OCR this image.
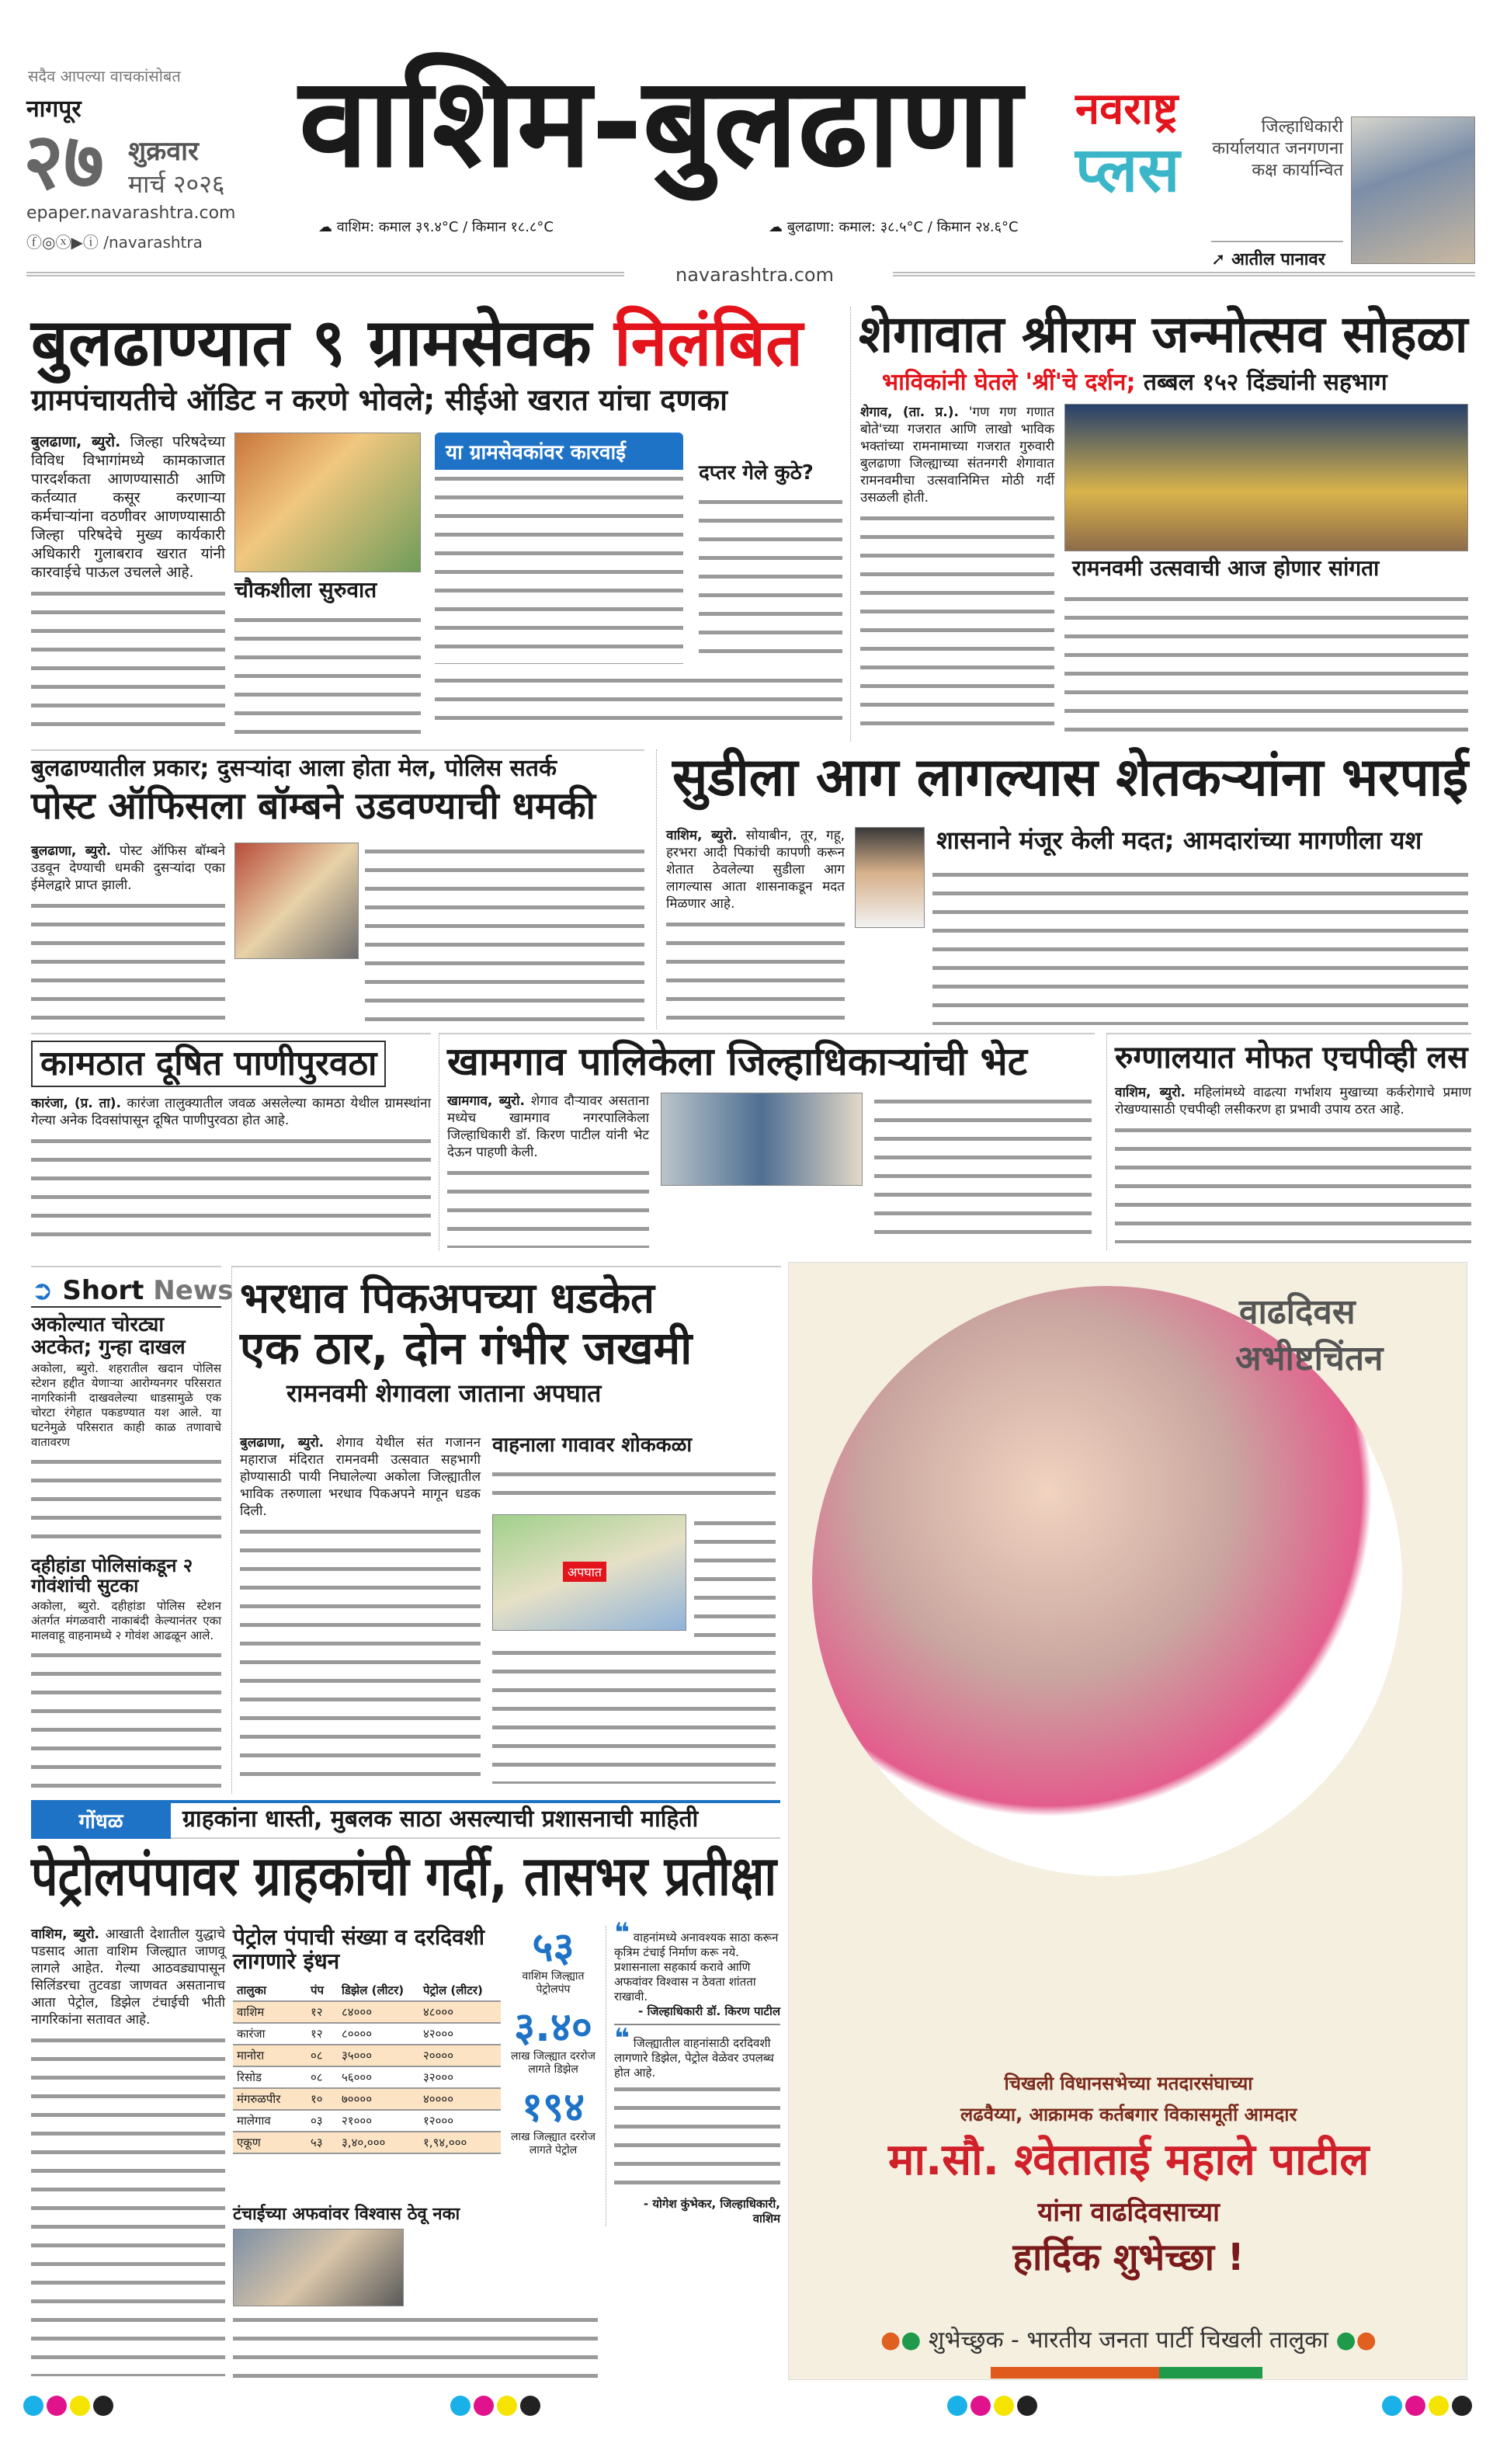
सदैव आपल्या वाचकांसोबत
नागपूर
२७ शुक्रवार
मार्च २०२६
epaper.navarashtra.com
ⓕ◎ⓧ▶ⓘ /navarashtra
वाशिम-बुलढाणा नवराष्ट्र
प्लस
☁ वाशिम: कमाल ३९.४°C / किमान १८.८°C	☁ बुलढाणा: कमाल: ३८.५°C / किमान २४.६°C
जिल्हाधिकारी कार्यालयात जनगणना कक्ष कार्यान्वित
➚ आतील पानावर
navarashtra.com
बुलढाण्यात ९ ग्रामसेवक निलंबित
ग्रामपंचायतीचे ऑडिट न करणे भोवले; सीईओ खरात यांचा दणका
बुलढाणा, ब्युरो. जिल्हा परिषदेच्या विविध विभागांमध्ये कामकाजात पारदर्शकता आणण्यासाठी आणि कर्तव्यात कसूर करणाऱ्या कर्मचाऱ्यांना वठणीवर आणण्यासाठी जिल्हा परिषदेचे मुख्य कार्यकारी अधिकारी गुलाबराव खरात यांनी कारवाईचे पाऊल उचलले आहे.
चौकशीला सुरुवात
या ग्रामसेवकांवर कारवाई
दप्तर गेले कुठे?
शेगावात श्रीराम जन्मोत्सव सोहळा
भाविकांनी घेतले 'श्रीं'चे दर्शन; तब्बल १५२ दिंड्यांनी सहभाग
शेगाव, (ता. प्र.). 'गण गण गणात बोते'च्या गजरात आणि लाखो भाविक भक्तांच्या रामनामाच्या गजरात गुरुवारी बुलढाणा जिल्ह्याच्या संतनगरी शेगावात रामनवमीचा उत्सवानिमित्त मोठी गर्दी उसळली होती.
रामनवमी उत्सवाची आज होणार सांगता
बुलढाण्यातील प्रकार; दुसऱ्यांदा आला होता मेल, पोलिस सतर्क
पोस्ट ऑफिसला बॉम्बने उडवण्याची धमकी
बुलढाणा, ब्युरो. पोस्ट ऑफिस बॉम्बने उडवून देण्याची धमकी दुसऱ्यांदा एका ईमेलद्वारे प्राप्त झाली.
सुडीला आग लागल्यास शेतकऱ्यांना भरपाई
वाशिम, ब्युरो. सोयाबीन, तूर, गहू, हरभरा आदी पिकांची कापणी करून शेतात ठेवलेल्या सुडीला आग लागल्यास आता शासनाकडून मदत मिळणार आहे.
शासनाने मंजूर केली मदत; आमदारांच्या मागणीला यश
कामठात दूषित पाणीपुरवठा
कारंजा, (प्र. ता). कारंजा तालुक्यातील जवळ असलेल्या कामठा येथील ग्रामस्थांना गेल्या अनेक दिवसांपासून दूषित पाणीपुरवठा होत आहे.
खामगाव पालिकेला जिल्हाधिकाऱ्यांची भेट
खामगाव, ब्युरो. शेगाव दौऱ्यावर असताना मध्येच खामगाव नगरपालिकेला जिल्हाधिकारी डॉ. किरण पाटील यांनी भेट देऊन पाहणी केली.
रुग्णालयात मोफत एचपीव्ही लस
वाशिम, ब्युरो. महिलांमध्ये वाढत्या गर्भाशय मुखाच्या कर्करोगाचे प्रमाण रोखण्यासाठी एचपीव्ही लसीकरण हा प्रभावी उपाय ठरत आहे.
➲ Short News
अकोल्यात चोरट्या अटकेत; गुन्हा दाखल
अकोला, ब्युरो. शहरातील खदान पोलिस स्टेशन हद्दीत येणाऱ्या आरोग्यनगर परिसरात नागरिकांनी दाखवलेल्या धाडसामुळे एक चोरटा रंगेहात पकडण्यात यश आले. या घटनेमुळे परिसरात काही काळ तणावाचे वातावरण
दहीहांडा पोलिसांकडून २ गोवंशांची सुटका
अकोला, ब्युरो. दहीहांडा पोलिस स्टेशन अंतर्गत मंगळवारी नाकाबंदी केल्यानंतर एका मालवाहू वाहनामध्ये २ गोवंश आढळून आले.
भरधाव पिकअपच्या धडकेत
एक ठार, दोन गंभीर जखमी
रामनवमी शेगावला जाताना अपघात
बुलढाणा, ब्युरो. शेगाव येथील संत गजानन महाराज मंदिरात रामनवमी उत्सवात सहभागी होण्यासाठी पायी निघालेल्या अकोला जिल्ह्यातील भाविक तरुणाला भरधाव पिकअपने मागून धडक दिली.
वाहनाला गावावर शोककळा
अपघात
गोंधळ	ग्राहकांना धास्ती, मुबलक साठा असल्याची प्रशासनाची माहिती
पेट्रोलपंपावर ग्राहकांची गर्दी, तासभर प्रतीक्षा
वाशिम, ब्युरो. आखाती देशातील युद्धाचे पडसाद आता वाशिम जिल्ह्यात जाणवू लागले आहेत. गेल्या आठवड्यापासून सिलिंडरचा तुटवडा जाणवत असतानाच आता पेट्रोल, डिझेल टंचाईची भीती नागरिकांना सतावत आहे.
पेट्रोल पंपाची संख्या व दरदिवशी लागणारे इंधन
तालुका	पंप	डिझेल (लीटर)	पेट्रोल (लीटर)
वाशिम	१२	८४०००	४८०००
कारंजा	१२	८००००	४२०००
मानोरा	०८	३५०००	२००००
रिसोड	०८	५६०००	३२०००
मंगरुळपीर	१०	७००००	४००००
मालेगाव	०३	२१०००	१२०००
एकूण	५३	३,४०,०००	१,९४,०००
५३
वाशिम जिल्ह्यात पेट्रोलपंप
३.४०
लाख जिल्ह्यात दररोज लागते डिझेल
१९४
लाख जिल्ह्यात दररोज लागते पेट्रोल
❝ वाहनांमध्ये अनावश्यक साठा करून कृत्रिम टंचाई निर्माण करू नये. प्रशासनाला सहकार्य करावे आणि अफवांवर विश्वास न ठेवता शांतता राखावी.
- जिल्हाधिकारी डॉ. किरण पाटील
❝ जिल्ह्यातील वाहनांसाठी दरदिवशी लागणारे डिझेल, पेट्रोल वेळेवर उपलब्ध होत आहे.
- योगेश कुंभेकर, जिल्हाधिकारी, वाशिम
टंचाईच्या अफवांवर विश्वास ठेवू नका
वाढदिवस
अभीष्टचिंतन
चिखली विधानसभेच्या मतदारसंघाच्या
लढवैय्या, आक्रामक कर्तबगार विकासमूर्ती आमदार
मा.सौ. श्वेताताई महाले पाटील
यांना वाढदिवसाच्या
हार्दिक शुभेच्छा !
●● शुभेच्छुक - भारतीय जनता पार्टी चिखली तालुका ●●
